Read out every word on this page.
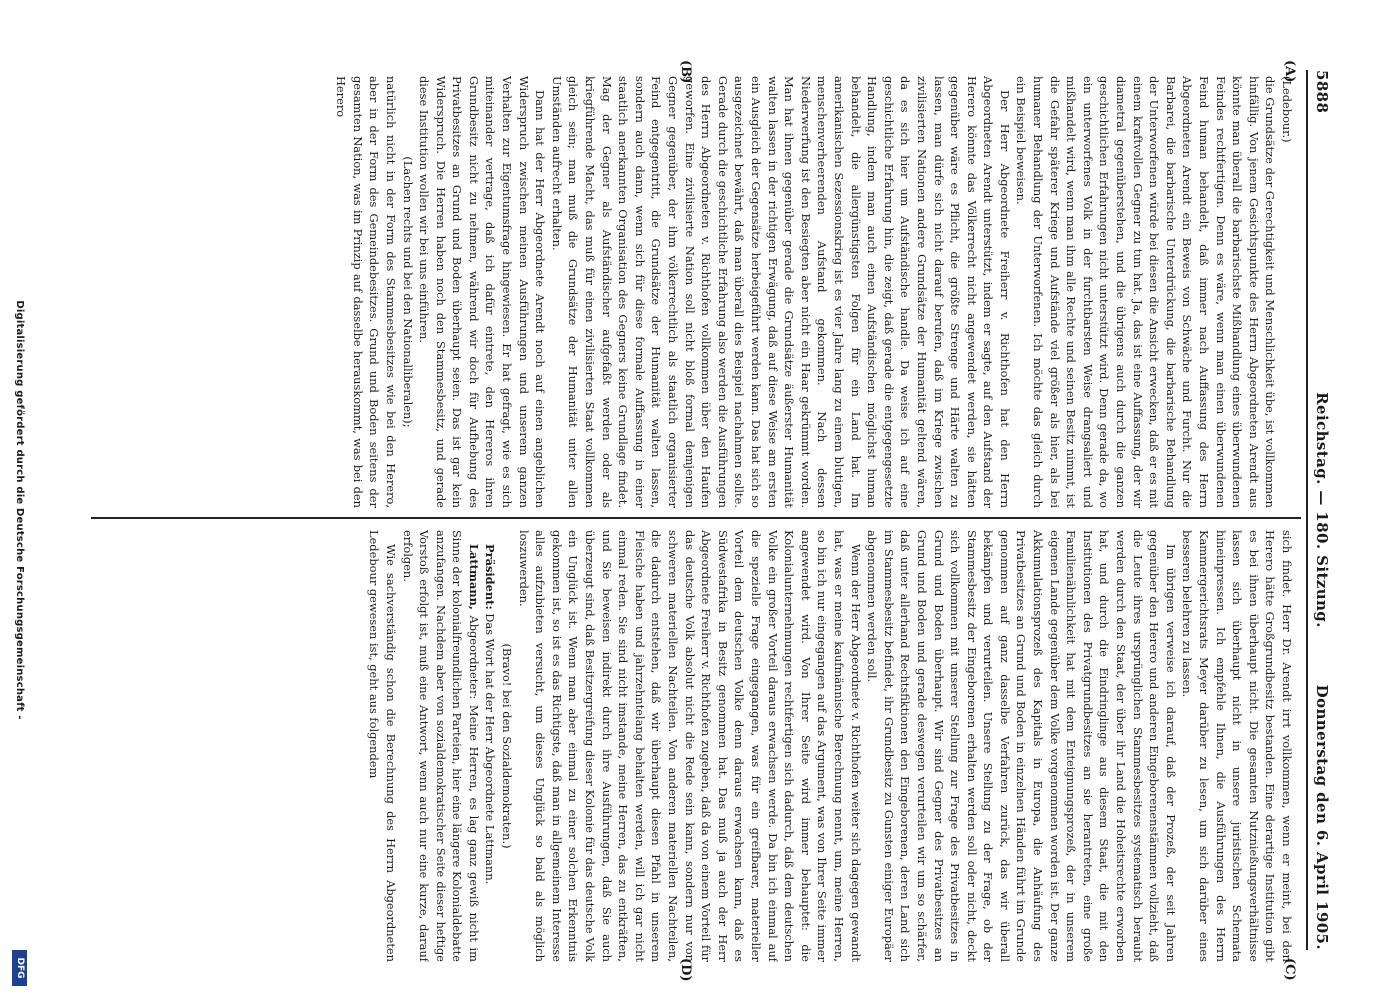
5888
Reichstag. — 180. Sitzung.
Donnerstag den 6. April 1905.
(A)
(B)
(C)
(D)

(Ledebour.)

die Grundsätze der Gerechtigkeit und Menschlichkeit übe, ist vollkommen hinfällig. Von jenem Gesichtspunkte des Herrn Abgeordneten Arendt aus könnte man überall die barbarischste Mißhandlung eines überwundenen Feindes rechtfertigen. Denn es wäre, wenn man einen überwundenen Feind human behandelt, daß immer nach Auffassung des Herrn Abgeordneten Arendt ein Beweis von Schwäche und Furcht. Nur die Barbarei, die barbarische Unterdrückung, die barbarische Behandlung der Unterworfenen würde bei diesen die Ansicht erwecken, daß er es mit einem kraftvollen Gegner zu tun hat. Ja, das ist eine Auffassung, der wir diametral gegenüberstehen, und die übrigens auch durch die ganzen geschichtlichen Erfahrungen nicht unterstützt wird. Denn gerade da, wo ein unterworfenes Volk in der furchtbarsten Weise drangsaliert und mißhandelt wird, wenn man ihm alle Rechte und seinen Besitz nimmt, ist die Gefahr späterer Kriege und Aufstände viel größer als hier, als bei humaner Behandlung der Unterworfenen. Ich möchte das gleich durch ein Beispiel beweisen.

Der Herr Abgeordnete Freiherr v. Richthofen hat den Herrn Abgeordneten Arendt unterstützt, indem er sagte, auf den Aufstand der Herero könnte das Völkerrecht nicht angewendet werden, sie hätten gegenüber wäre es Pflicht, die größte Strenge und Härte walten zu lassen, man dürfe sich nicht darauf berufen, daß im Kriege zwischen zivilisierten Nationen andere Grundsätze der Humanität geltend wären, da es sich hier um Aufständische handle. Da weise ich auf eine geschichtliche Erfahrung hin, die zeigt, daß gerade die entgegengesetzte Handlung, indem man auch einen Aufständischen möglichst human behandelt, die allergünstigsten Folgen für ein Land hat. Im amerikanischen Sezessionskrieg ist es vier Jahre lang zu einem blutigen, menschenverheerenden Aufstand gekommen. Nach dessen Niederwerfung ist den Besiegten aber nicht ein Haar gekrümmt worden. Man hat ihnen gegenüber gerade die Grundsätze äußerster Humanität walten lassen in der richtigen Erwägung, daß auf diese Weise am ersten ein Ausgleich der Gegensätze herbeigeführt werden kann. Das hat sich so ausgezeichnet bewährt, daß man überall dies Beispiel nachahmen sollte. Gerade durch die geschichtliche Erfahrung also werden die Ausführungen des Herrn Abgeordneten v. Richthofen vollkommen über den Haufen geworfen. Eine zivilisierte Nation soll nicht bloß formal demjenigen Gegner gegenüber, der ihm völkerrechtlich als staatlich organisierter Feind entgegentritt, die Grundsätze der Humanität walten lassen, sondern auch dann, wenn sich für diese formale Auffassung in einer staatlich anerkannten Organisation des Gegners keine Grundlage findet. Mag der Gegner als Aufständischer aufgefaßt werden oder als kriegführende Macht, das muß für einen zivilisierten Staat vollkommen gleich sein; man muß die Grundsätze der Humanität unter allen Umständen aufrecht erhalten.

Dann hat der Herr Abgeordnete Arendt noch auf einen angeblichen Widerspruch zwischen meinen Ausführungen und unserem ganzen Verhalten zur Eigentumsfrage hingewiesen. Er hat gefragt, wie es sich miteinander vertrage, daß ich dafür eintrete, den Hereros ihren Grundbesitz nicht zu nehmen, während wir doch für Aufhebung des Privatbesitzes an Grund und Boden überhaupt seien. Das ist gar kein Widerspruch. Die Herren haben noch den Stammesbesitz, und gerade diese Institution wollen wir bei uns einführen.

(Lachen rechts und bei den Nationalliberalen);

natürlich nicht in der Form des Stammesbesitzes wie bei den Herero, aber in der Form des Gemeindebesitzes. Grund und Boden seitens der gesamten Nation, was im Prinzip auf dasselbe herauskommt, was bei den Herero

sich findet. Herr Dr. Arendt irrt vollkommen, wenn er meint, bei den Herero hätte Großgrundbesitz bestanden. Eine derartige Institution gibt es bei ihnen überhaupt nicht. Die gesamten Nutznießungsverhältnisse lassen sich überhaupt nicht in unsere juristischen Schemata hineinpressen. Ich empfehle Ihnen, die Ausführungen des Herrn Kammergerichtsrats Meyer darüber zu lesen, um sich darüber eines besseren belehren zu lassen.

Im übrigen verweise ich darauf, daß der Prozeß, der seit Jahren gegenüber den Herero und anderen Eingeborenenstämmen vollzieht, daß die Leute ihres ursprünglichen Stammesbesitzes systematisch beraubt werden durch den Staat, der über ihr Land die Hoheitsrechte erworben hat, und durch die Eindringlinge aus diesem Staat, die mit den Institutionen des Privatgrundbesitzes an sie herantreten, eine große Familienähnlichkeit hat mit dem Enteignungsprozeß, der in unserem eigenen Lande gegenüber dem Volke vorgenommen worden ist. Der ganze Akkumulationsprozeß des Kapitals in Europa, die Anhäufung des Privatbesitzes an Grund und Boden in einzelnen Händen führt im Grunde genommen auf ganz dasselbe Verfahren zurück, das wir überall bekämpfen und verurteilen. Unsere Stellung zu der Frage, ob der Stammesbesitz der Eingeborenen erhalten werden soll oder nicht, deckt sich vollkommen mit unserer Stellung zur Frage des Privatbesitzes in Grund und Boden überhaupt. Wir sind Gegner des Privatbesitzes an Grund und Boden und gerade deswegen verurteilen wir um so schärfer, daß unter allerhand Rechtsfiktionen den Eingeborenen, deren Land sich im Stammesbesitz befindet, ihr Grundbesitz zu Gunsten einiger Europäer abgenommen werden soll.

Wenn der Herr Abgeordnete v. Richthofen weiter sich dagegen gewandt hat, was er meine kaufmännische Berechnung nennt, um, meine Herren, so bin ich nur eingegangen auf das Argument, was von Ihrer Seite immer angewendet wird. Von Ihrer Seite wird immer behauptet: die Kolonialunternehmungen rechtfertigen sich dadurch, daß dem deutschen Volke ein großer Vorteil daraus erwachsen werde. Da bin ich einmal auf die spezielle Frage eingegangen, was für ein greifbarer, materieller Vorteil dem deutschen Volke denn daraus erwachsen kann, daß es Südwestafrika in Besitz genommen hat. Das muß ja auch der Herr Abgeordnete Freiherr v. Richthofen zugeben, daß da von einem Vorteil für das deutsche Volk absolut nicht die Rede sein kann, sondern nur von schweren materiellen Nachteilen. Von anderen materiellen Nachteilen, die dadurch entstehen, daß wir überhaupt diesen Pfahl in unserem Fleische haben und jahrzehntelang behalten werden, will ich gar nicht einmal reden. Sie sind nicht imstande, meine Herren, das zu entkräften, und Sie beweisen indirekt durch ihre Ausführungen, daß Sie auch überzeugt sind, daß Besitzergreifung dieser Kolonie für das deutsche Volk ein Unglück ist. Wenn man aber einmal zu einer solchen Erkenntnis gekommen ist, so ist es das Richtigste, daß man in allgemeinem Interesse alles aufzubieten versucht, um dieses Unglück so bald als möglich loszuwerden.

(Bravo! bei den Sozialdemokraten.)

Präsident: Das Wort hat der Herr Abgeordnete Lattmann.

Lattmann, Abgeordneter: Meine Herren, es lag ganz gewiß nicht im Sinne der kolonialfreundlichen Parteien, hier eine längere Kolonialdebatte anzufangen. Nachdem aber von sozialdemokratischer Seite dieser heftige Vorstoß erfolgt ist, muß eine Antwort, wenn auch nur eine kurze, darauf erfolgen.

Wie sachverständig schon die Berechnung des Herrn Abgeordneten Ledebour gewesen ist, geht aus folgendem

Digitalisierung gefördert durch die Deutsche Forschungsgemeinschaft -
DFG
